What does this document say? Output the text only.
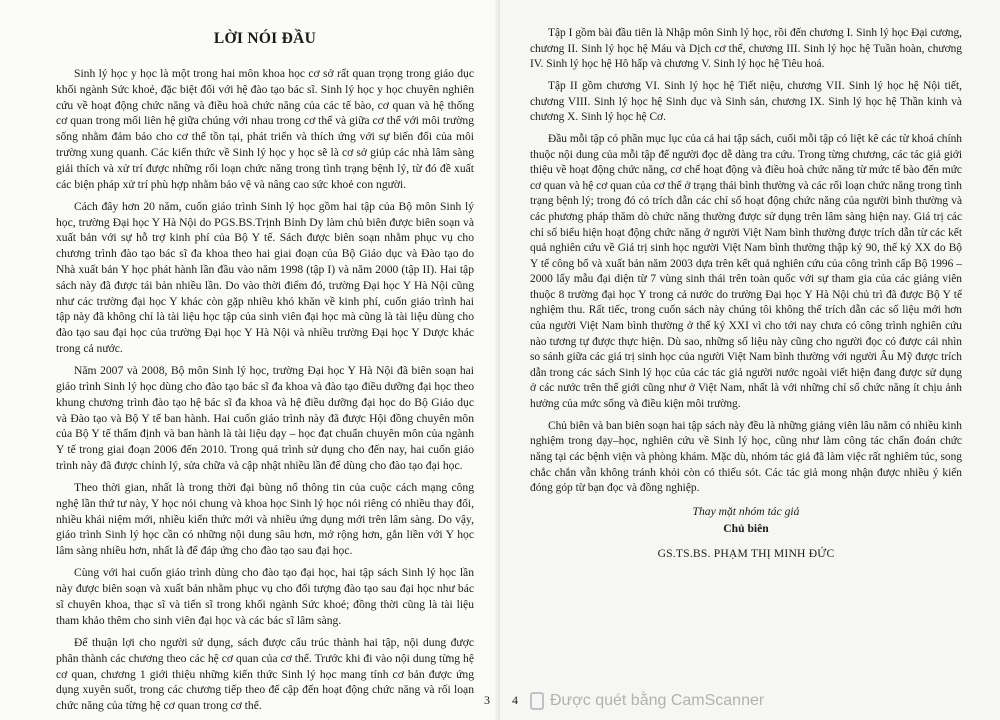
LỜI NÓI ĐẦU

Sinh lý học y học là một trong hai môn khoa học cơ sở rất quan trọng trong giáo dục khối ngành Sức khoẻ, đặc biệt đối với hệ đào tạo bác sĩ. Sinh lý học y học chuyên nghiên cứu về hoạt động chức năng và điều hoà chức năng của các tế bào, cơ quan và hệ thống cơ quan trong mối liên hệ giữa chúng với nhau trong cơ thể và giữa cơ thể với môi trường sống nhằm đảm bảo cho cơ thể tồn tại, phát triển và thích ứng với sự biến đổi của môi trường xung quanh. Các kiến thức về Sinh lý học y học sẽ là cơ sở giúp các nhà lâm sàng giải thích và xử trí được những rối loạn chức năng trong tình trạng bệnh lý, từ đó đề xuất các biện pháp xử trí phù hợp nhằm bảo vệ và nâng cao sức khoẻ con người.

Cách đây hơn 20 năm, cuốn giáo trình Sinh lý học gồm hai tập của Bộ môn Sinh lý học, trường Đại học Y Hà Nội do PGS.BS.Trịnh Bỉnh Dy làm chủ biên được biên soạn và xuất bản với sự hỗ trợ kinh phí của Bộ Y tế. Sách được biên soạn nhằm phục vụ cho chương trình đào tạo bác sĩ đa khoa theo hai giai đoạn của Bộ Giáo dục và Đào tạo do Nhà xuất bản Y học phát hành lần đầu vào năm 1998 (tập I) và năm 2000 (tập II). Hai tập sách này đã được tái bản nhiều lần. Do vào thời điểm đó, trường Đại học Y Hà Nội cũng như các trường đại học Y khác còn gặp nhiều khó khăn về kinh phí, cuốn giáo trình hai tập này đã không chỉ là tài liệu học tập của sinh viên đại học mà cũng là tài liệu dùng cho đào tạo sau đại học của trường Đại học Y Hà Nội và nhiều trường Đại học Y Dược khác trong cả nước.

Năm 2007 và 2008, Bộ môn Sinh lý học, trường Đại học Y Hà Nội đã biên soạn hai giáo trình Sinh lý học dùng cho đào tạo bác sĩ đa khoa và đào tạo điều dưỡng đại học theo khung chương trình đào tạo hệ bác sĩ đa khoa và hệ điều dưỡng đại học do Bộ Giáo dục và Đào tạo và Bộ Y tế ban hành. Hai cuốn giáo trình này đã được Hội đồng chuyên môn của Bộ Y tế thẩm định và ban hành là tài liệu dạy – học đạt chuẩn chuyên môn của ngành Y tế trong giai đoạn 2006 đến 2010. Trong quá trình sử dụng cho đến nay, hai cuốn giáo trình này đã được chỉnh lý, sửa chữa và cập nhật nhiều lần để dùng cho đào tạo đại học.

Theo thời gian, nhất là trong thời đại bùng nổ thông tin của cuộc cách mạng công nghệ lần thứ tư này, Y học nói chung và khoa học Sinh lý học nói riêng có nhiều thay đổi, nhiều khái niệm mới, nhiều kiến thức mới và nhiều ứng dụng mới trên lâm sàng. Do vậy, giáo trình Sinh lý học cần có những nội dung sâu hơn, mở rộng hơn, gắn liền với Y học lâm sàng nhiều hơn, nhất là để đáp ứng cho đào tạo sau đại học.

Cùng với hai cuốn giáo trình dùng cho đào tạo đại học, hai tập sách Sinh lý học lần này được biên soạn và xuất bản nhằm phục vụ cho đối tượng đào tạo sau đại học như bác sĩ chuyên khoa, thạc sĩ và tiến sĩ trong khối ngành Sức khoẻ; đồng thời cũng là tài liệu tham khảo thêm cho sinh viên đại học và các bác sĩ lâm sàng.

Để thuận lợi cho người sử dụng, sách được cấu trúc thành hai tập, nội dung được phân thành các chương theo các hệ cơ quan của cơ thể. Trước khi đi vào nội dung từng hệ cơ quan, chương 1 giới thiệu những kiến thức Sinh lý học mang tính cơ bản được ứng dụng xuyên suốt, trong các chương tiếp theo để cập đến hoạt động chức năng và rối loạn chức năng của từng hệ cơ quan trong cơ thể.	3

Tập I gồm bài đầu tiên là Nhập môn Sinh lý học, rồi đến chương I. Sinh lý học Đại cương, chương II. Sinh lý học hệ Máu và Dịch cơ thể, chương III. Sinh lý học hệ Tuần hoàn, chương IV. Sinh lý học hệ Hô hấp và chương V. Sinh lý học hệ Tiêu hoá.

Tập II gồm chương VI. Sinh lý học hệ Tiết niệu, chương VII. Sinh lý học hệ Nội tiết, chương VIII. Sinh lý học hệ Sinh dục và Sinh sản, chương IX. Sinh lý học hệ Thần kinh và chương X. Sinh lý học hệ Cơ.

Đầu mỗi tập có phần mục lục của cả hai tập sách, cuối mỗi tập có liệt kê các từ khoá chính thuộc nội dung của mỗi tập để người đọc dễ dàng tra cứu. Trong từng chương, các tác giả giới thiệu về hoạt động chức năng, cơ chế hoạt động và điều hoà chức năng từ mức tế bào đến mức cơ quan và hệ cơ quan của cơ thể ở trạng thái bình thường và các rối loạn chức năng trong tình trạng bệnh lý; trong đó có trích dẫn các chỉ số hoạt động chức năng của người bình thường và các phương pháp thăm dò chức năng thường được sử dụng trên lâm sàng hiện nay. Giá trị các chỉ số biểu hiện hoạt động chức năng ở người Việt Nam bình thường được trích dẫn từ các kết quả nghiên cứu về Giá trị sinh học người Việt Nam bình thường thập kỷ 90, thế kỷ XX do Bộ Y tế công bố và xuất bản năm 2003 dựa trên kết quả nghiên cứu của công trình cấp Bộ 1996 – 2000 lấy mẫu đại diện từ 7 vùng sinh thái trên toàn quốc với sự tham gia của các giảng viên thuộc 8 trường đại học Y trong cả nước do trường Đại học Y Hà Nội chủ trì đã được Bộ Y tế nghiệm thu. Rất tiếc, trong cuốn sách này chúng tôi không thể trích dẫn các số liệu mới hơn của người Việt Nam bình thường ở thế kỷ XXI vì cho tới nay chưa có công trình nghiên cứu nào tương tự được thực hiện. Dù sao, những số liệu này cũng cho người đọc có được cái nhìn so sánh giữa các giá trị sinh học của người Việt Nam bình thường với người Âu Mỹ được trích dẫn trong các sách Sinh lý học của các tác giả người nước ngoài viết hiện đang được sử dụng ở các nước trên thế giới cũng như ở Việt Nam, nhất là với những chỉ số chức năng ít chịu ảnh hưởng của mức sống và điều kiện môi trường.

Chủ biên và ban biên soạn hai tập sách này đều là những giảng viên lâu năm có nhiều kinh nghiệm trong dạy–học, nghiên cứu về Sinh lý học, cũng như làm công tác chẩn đoán chức năng tại các bệnh viện và phòng khám. Mặc dù, nhóm tác giả đã làm việc rất nghiêm túc, song chắc chắn vẫn không tránh khỏi còn có thiếu sót. Các tác giả mong nhận được nhiều ý kiến đóng góp từ bạn đọc và đồng nghiệp.

Thay mặt nhóm tác giả
Chủ biên
GS.TS.BS. PHẠM THỊ MINH ĐỨC
4 Được quét bằng CamScanner
